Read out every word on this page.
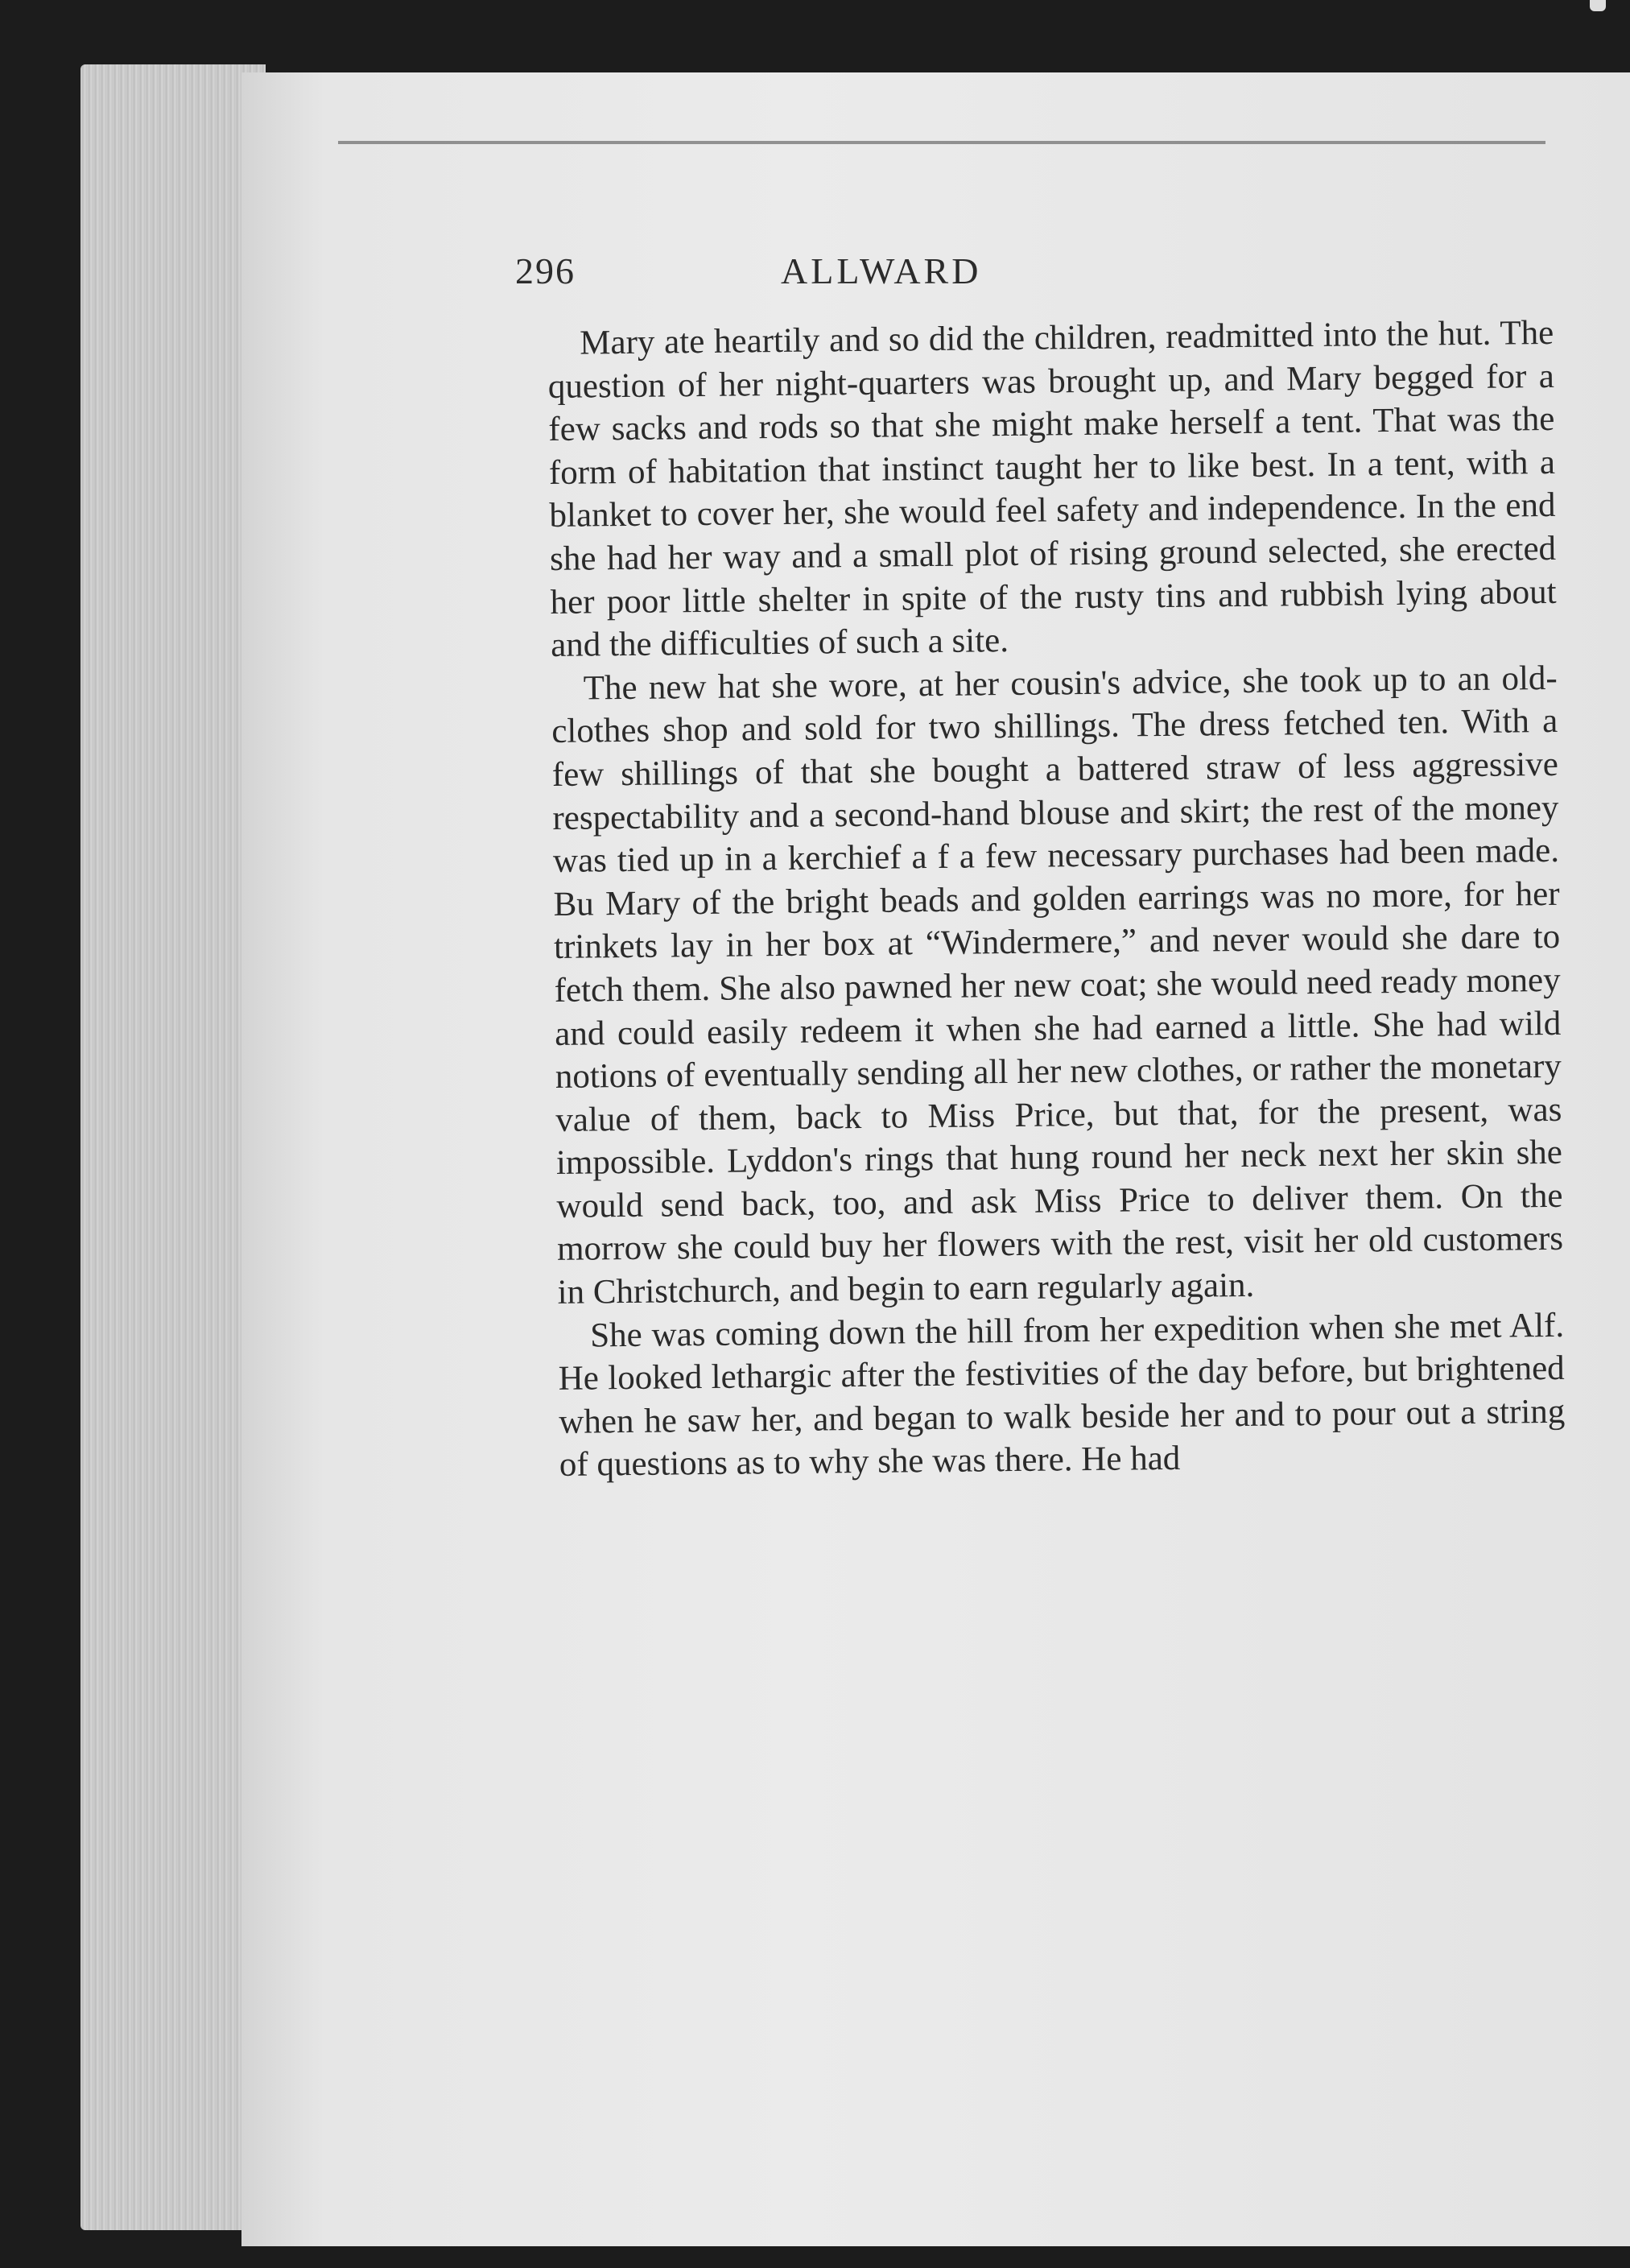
296	ALLWARD

Mary ate heartily and so did the children, readmitted into the hut. The question of her night-quarters was brought up, and Mary begged for a few sacks and rods so that she might make herself a tent. That was the form of habitation that instinct taught her to like best. In a tent, with a blanket to cover her, she would feel safety and independence. In the end she had her way and a small plot of rising ground selected, she erected her poor little shelter in spite of the rusty tins and rubbish lying about and the difficulties of such a site.

The new hat she wore, at her cousin's advice, she took up to an old-clothes shop and sold for two shillings. The dress fetched ten. With a few shillings of that she bought a battered straw of less aggressive respectability and a second-hand blouse and skirt; the rest of the money was tied up in a kerchief a f a few necessary purchases had been made. Bu Mary of the bright beads and golden earrings was no more, for her trinkets lay in her box at “Windermere,” and never would she dare to fetch them. She also pawned her new coat; she would need ready money and could easily redeem it when she had earned a little. She had wild notions of eventually sending all her new clothes, or rather the monetary value of them, back to Miss Price, but that, for the present, was impossible. Lyddon's rings that hung round her neck next her skin she would send back, too, and ask Miss Price to deliver them. On the morrow she could buy her flowers with the rest, visit her old customers in Christchurch, and begin to earn regularly again.

She was coming down the hill from her expedition when she met Alf. He looked lethargic after the festivities of the day before, but brightened when he saw her, and began to walk beside her and to pour out a string of questions as to why she was there. He had
